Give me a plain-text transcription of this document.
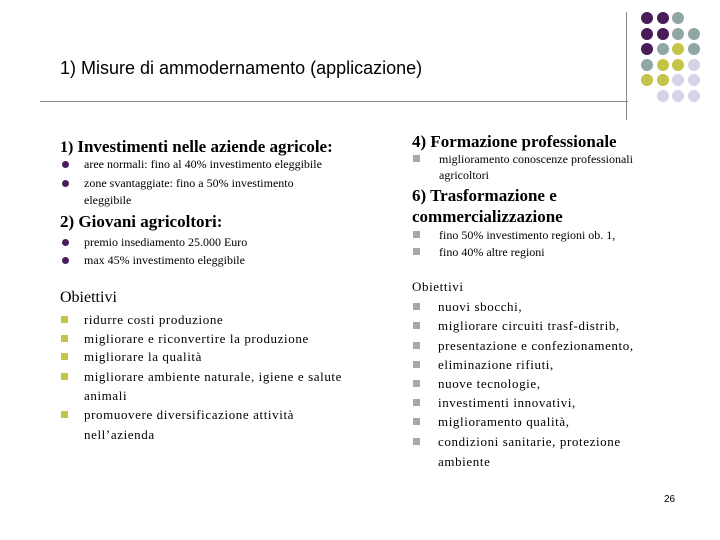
1) Misure di ammodernamento (applicazione)
1) Investimenti nelle aziende agricole:
aree normali: fino al 40% investimento eleggibile
zone svantaggiate: fino a 50% investimento
eleggibile
2) Giovani agricoltori:
premio insediamento 25.000 Euro
max 45% investimento eleggibile
Obiettivi
ridurre costi produzione
migliorare e riconvertire la produzione
migliorare la qualità
migliorare ambiente naturale, igiene e salute
animali
promuovere diversificazione attività
nell’azienda
4) Formazione professionale
miglioramento conoscenze professionali
agricoltori
6) Trasformazione e
commercializzazione
fino 50% investimento regioni ob. 1,
fino 40% altre regioni
Obiettivi
26
nuovi sbocchi,
migliorare circuiti trasf-distrib,
presentazione e confezionamento,
eliminazione rifiuti,
nuove tecnologie,
investimenti innovativi,
miglioramento qualità,
condizioni sanitarie, protezione
ambiente
